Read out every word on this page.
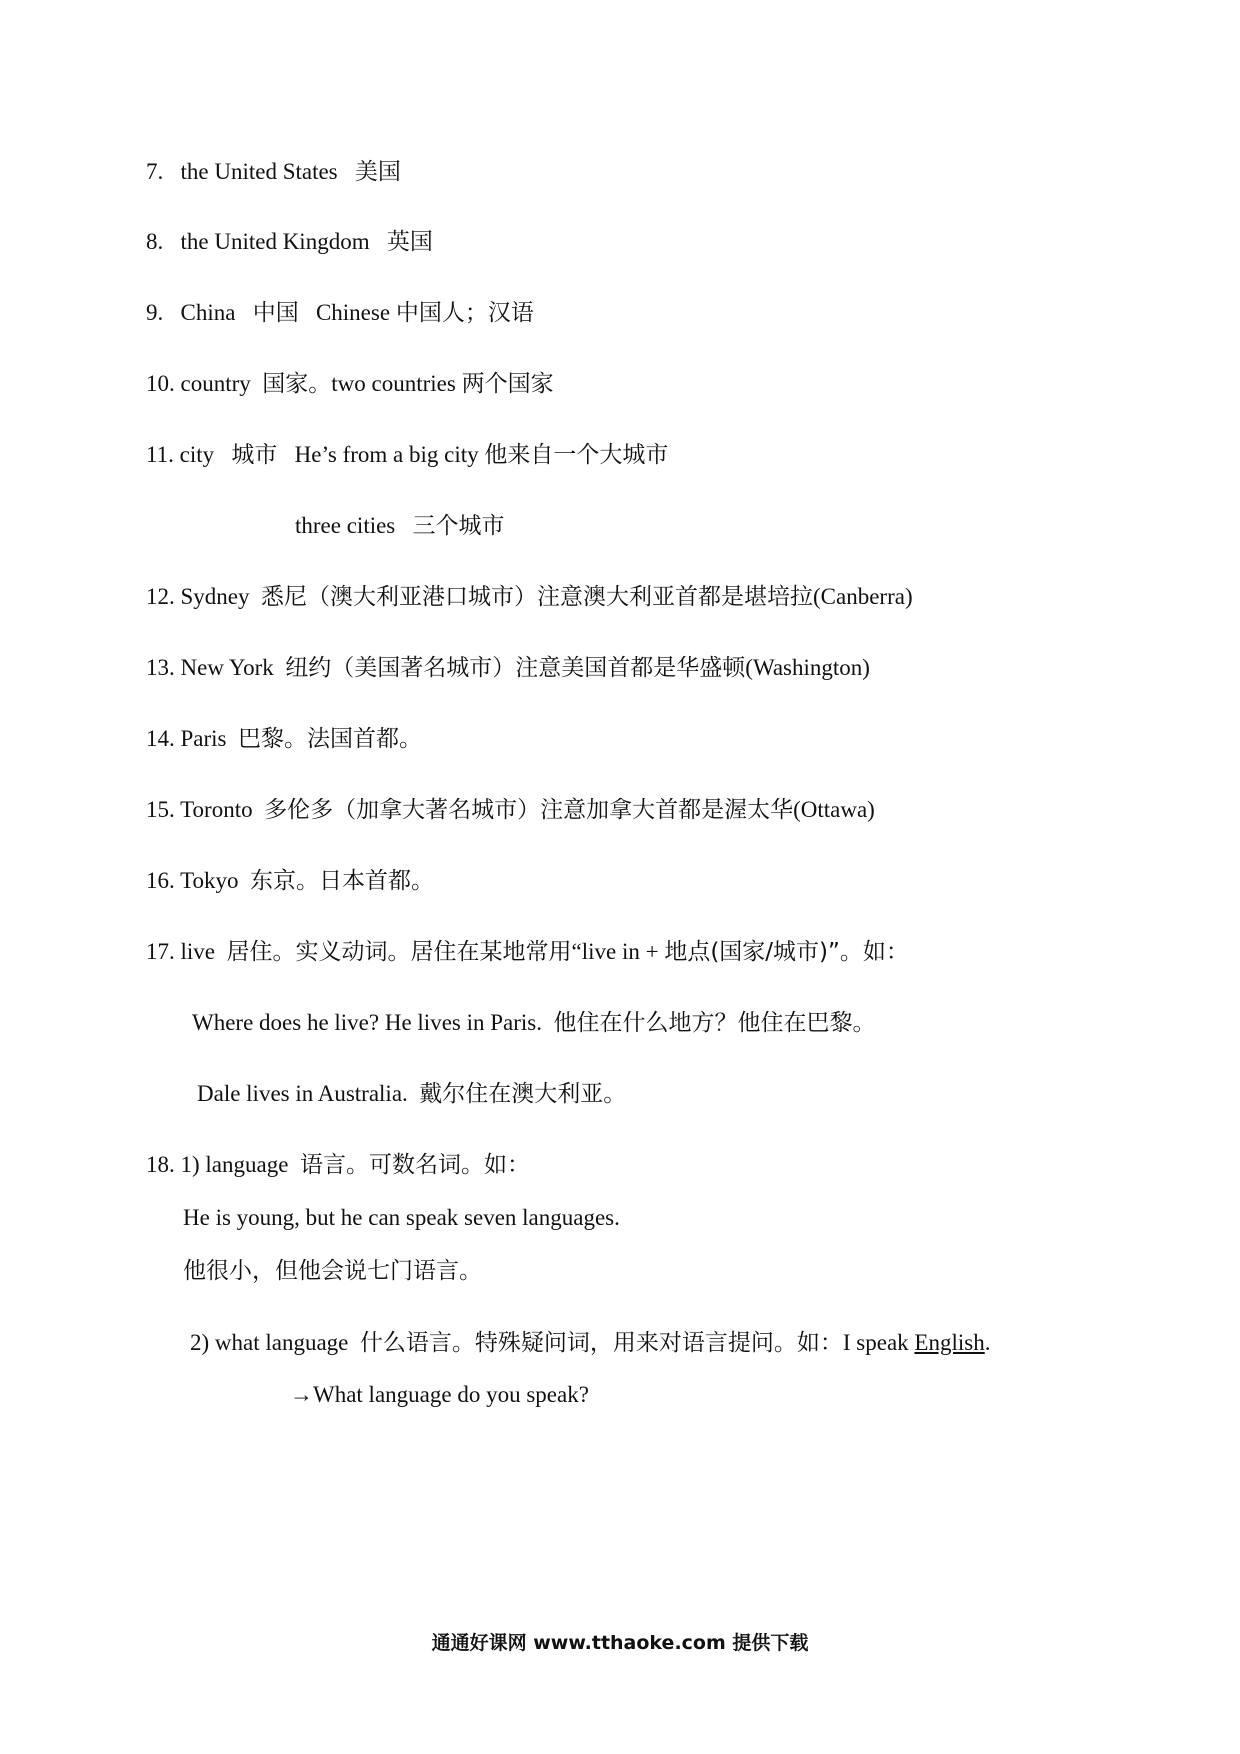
7. the United States 美国
8. the United Kingdom 英国
9. China 中国 Chinese 中国人；汉语
10. country 国家。two countries 两个国家
11. city 城市 He’s from a big city 他来自一个大城市
three cities 三个城市
12. Sydney 悉尼（澳大利亚港口城市）注意澳大利亚首都是堪培拉(Canberra)
13. New York 纽约（美国著名城市）注意美国首都是华盛顿(Washington)
14. Paris 巴黎。法国首都。
15. Toronto 多伦多（加拿大著名城市）注意加拿大首都是渥太华(Ottawa)
16. Tokyo 东京。日本首都。
17. live 居住。实义动词。居住在某地常用“live in + 地点(国家/城市)”。如：
Where does he live? He lives in Paris. 他住在什么地方？他住在巴黎。
Dale lives in Australia. 戴尔住在澳大利亚。
18. 1) language 语言。可数名词。如：
He is young, but he can speak seven languages.
他很小，但他会说七门语言。
2) what language 什么语言。特殊疑问词，用来对语言提问。如：I speak English.
→What language do you speak?
通通好课网 www.tthaoke.com 提供下载
